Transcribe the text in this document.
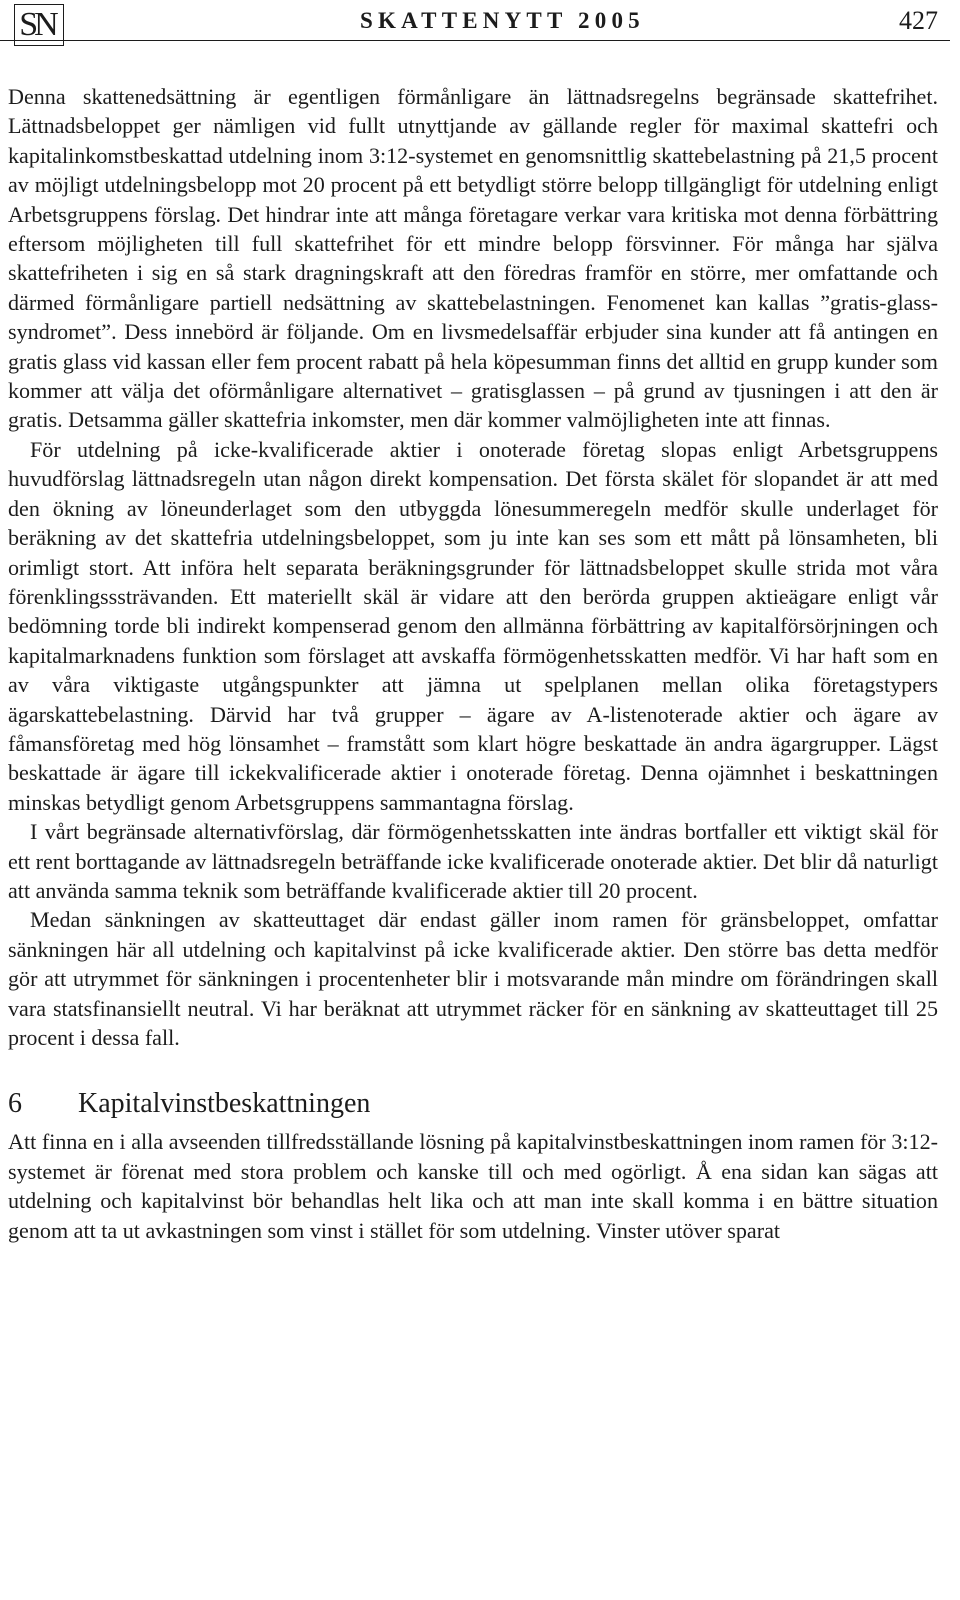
SN	SKATTENYTT 2005	427

Denna skattenedsättning är egentligen förmånligare än lättnadsregelns begränsade skattefrihet. Lättnadsbeloppet ger nämligen vid fullt utnyttjande av gällande regler för maximal skattefri och kapitalinkomstbeskattad utdelning inom 3:12-systemet en genomsnittlig skattebelastning på 21,5 procent av möjligt utdelningsbelopp mot 20 procent på ett betydligt större belopp tillgängligt för utdelning enligt Arbetsgruppens förslag. Det hindrar inte att många företagare verkar vara kritiska mot denna förbättring eftersom möjligheten till full skattefrihet för ett mindre belopp försvinner. För många har själva skattefriheten i sig en så stark dragningskraft att den föredras framför en större, mer omfattande och därmed förmånligare partiell nedsättning av skattebelastningen. Fenomenet kan kallas ”gratis-glass-syndromet”. Dess innebörd är följande. Om en livsmedelsaffär erbjuder sina kunder att få antingen en gratis glass vid kassan eller fem procent rabatt på hela köpesumman finns det alltid en grupp kunder som kommer att välja det oförmånligare alternativet – gratisglassen – på grund av tjusningen i att den är gratis. Detsamma gäller skattefria inkomster, men där kommer valmöjligheten inte att finnas.

För utdelning på icke-kvalificerade aktier i onoterade företag slopas enligt Arbetsgruppens huvudförslag lättnadsregeln utan någon direkt kompensation. Det första skälet för slopandet är att med den ökning av löneunderlaget som den utbyggda lönesummeregeln medför skulle underlaget för beräkning av det skattefria utdelningsbeloppet, som ju inte kan ses som ett mått på lönsamheten, bli orimligt stort. Att införa helt separata beräkningsgrunder för lättnadsbeloppet skulle strida mot våra förenklingsssträvanden. Ett materiellt skäl är vidare att den berörda gruppen aktieägare enligt vår bedömning torde bli indirekt kompenserad genom den allmänna förbättring av kapitalförsörjningen och kapitalmarknadens funktion som förslaget att avskaffa förmögenhetsskatten medför. Vi har haft som en av våra viktigaste utgångspunkter att jämna ut spelplanen mellan olika företagstypers ägarskattebelastning. Därvid har två grupper – ägare av A-listenoterade aktier och ägare av fåmansföretag med hög lönsamhet – framstått som klart högre beskattade än andra ägargrupper. Lägst beskattade är ägare till ickekvalificerade aktier i onoterade företag. Denna ojämnhet i beskattningen minskas betydligt genom Arbetsgruppens sammantagna förslag.

I vårt begränsade alternativförslag, där förmögenhetsskatten inte ändras bortfaller ett viktigt skäl för ett rent borttagande av lättnadsregeln beträffande icke kvalificerade onoterade aktier. Det blir då naturligt att använda samma teknik som beträffande kvalificerade aktier till 20 procent.

Medan sänkningen av skatteuttaget där endast gäller inom ramen för gränsbeloppet, omfattar sänkningen här all utdelning och kapitalvinst på icke kvalificerade aktier. Den större bas detta medför gör att utrymmet för sänkningen i procentenheter blir i motsvarande mån mindre om förändringen skall vara statsfinansiellt neutral. Vi har beräknat att utrymmet räcker för en sänkning av skatteuttaget till 25 procent i dessa fall.

6	Kapitalvinstbeskattningen

Att finna en i alla avseenden tillfredsställande lösning på kapitalvinstbeskattningen inom ramen för 3:12-systemet är förenat med stora problem och kanske till och med ogörligt. Å ena sidan kan sägas att utdelning och kapitalvinst bör behandlas helt lika och att man inte skall komma i en bättre situation genom att ta ut avkastningen som vinst i stället för som utdelning. Vinster utöver sparat
